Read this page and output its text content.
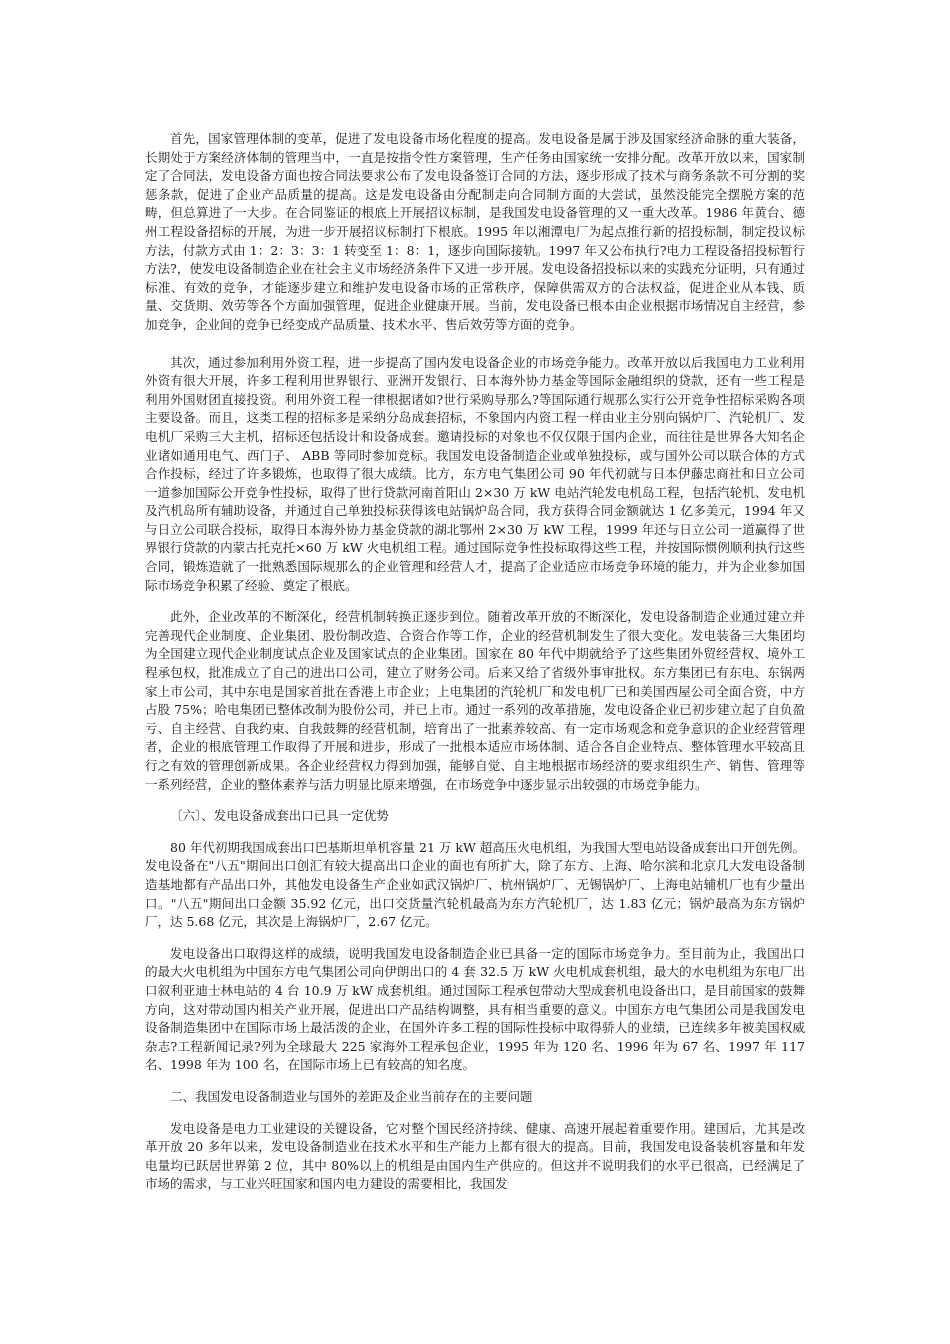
首先，国家管理体制的变革，促进了发电设备市场化程度的提高。发电设备是属于涉及国家经济命脉的重大装备，长期处于方案经济体制的管理当中，一直是按指令性方案管理，生产任务由国家统一安排分配。改革开放以来，国家制定了合同法，发电设备方面也按合同法要求公布了发电设备签订合同的方法，逐步形成了技术与商务条款不可分割的奖惩条款，促进了企业产品质量的提高。这是发电设备由分配制走向合同制方面的大尝试，虽然没能完全摆脱方案的范畴，但总算进了一大步。在合同鉴证的根底上开展招议标制，是我国发电设备管理的又一重大改革。1986 年黄台、德州工程设备招标的开展，为进一步开展招议标制打下根底。1995 年以湘潭电厂为起点推行新的招投标制，制定投议标方法，付款方式由 1：2：3：3：1 转变至 1：8：1，逐步向国际接轨。1997 年又公布执行?电力工程设备招投标暂行方法?，使发电设备制造企业在社会主义市场经济条件下又进一步开展。发电设备招投标以来的实践充分证明，只有通过标准、有效的竞争，才能逐步建立和维护发电设备市场的正常秩序，保障供需双方的合法权益，促进企业从本钱、质量、交货期、效劳等各个方面加强管理，促进企业健康开展。当前，发电设备已根本由企业根据市场情况自主经营，参加竞争，企业间的竞争已经变成产品质量、技术水平、售后效劳等方面的竞争。

其次，通过参加利用外资工程，进一步提高了国内发电设备企业的市场竞争能力。改革开放以后我国电力工业利用外资有很大开展，许多工程利用世界银行、亚洲开发银行、日本海外协力基金等国际金融组织的贷款，还有一些工程是利用外国财团直接投资。利用外资工程一律根据诸如?世行采购导那么?等国际通行规那么实行公开竞争性招标采购各项主要设备。而且，这类工程的招标多是采纳分岛成套招标，不象国内内资工程一样由业主分别向锅炉厂、汽轮机厂、发电机厂采购三大主机，招标还包括设计和设备成套。邀请投标的对象也不仅仅限于国内企业，而往往是世界各大知名企业诸如通用电气、西门子、 ABB 等同时参加竞标。我国发电设备制造企业或单独投标，或与国外公司以联合体的方式合作投标，经过了许多锻炼，也取得了很大成绩。比方，东方电气集团公司 90 年代初就与日本伊藤忠商社和日立公司一道参加国际公开竞争性投标，取得了世行贷款河南首阳山 2×30 万 kW 电站汽轮发电机岛工程，包括汽轮机、发电机及汽机岛所有辅助设备，并通过自己单独投标获得该电站锅炉岛合同，我方获得合同金额就达 1 亿多美元，1994 年又与日立公司联合投标，取得日本海外协力基金贷款的湖北鄂州 2×30 万 kW 工程，1999 年还与日立公司一道赢得了世界银行贷款的内蒙古托克托×60 万 kW 火电机组工程。通过国际竞争性投标取得这些工程，并按国际惯例顺利执行这些合同，锻炼造就了一批熟悉国际规那么的企业管理和经营人才，提高了企业适应市场竞争环境的能力，并为企业参加国际市场竞争积累了经验、奠定了根底。

此外，企业改革的不断深化，经营机制转换正逐步到位。随着改革开放的不断深化，发电设备制造企业通过建立并完善现代企业制度、企业集团、股份制改造、合资合作等工作，企业的经营机制发生了很大变化。发电装备三大集团均为全国建立现代企业制度试点企业及国家试点的企业集团。国家在 80 年代中期就给予了这些集团外贸经营权、境外工程承包权，批准成立了自己的进出口公司，建立了财务公司。后来又给了省级外事审批权。东方集团已有东电、东锅两家上市公司，其中东电是国家首批在香港上市企业；上电集团的汽轮机厂和发电机厂已和美国西屋公司全面合资，中方占股 75%；哈电集团已整体改制为股份公司，并已上市。通过一系列的改革措施，发电设备企业已初步建立起了自负盈亏、自主经营、自我约束、自我鼓舞的经营机制，培育出了一批素养较高、有一定市场观念和竞争意识的企业经营管理者，企业的根底管理工作取得了开展和进步，形成了一批根本适应市场体制、适合各自企业特点、整体管理水平较高且行之有效的管理创新成果。各企业经营权力得到加强，能够自觉、自主地根据市场经济的要求组织生产、销售、管理等一系列经营，企业的整体素养与活力明显比原来增强，在市场竞争中逐步显示出较强的市场竞争能力。

〔六〕、发电设备成套出口已具一定优势

80 年代初期我国成套出口巴基斯坦单机容量 21 万 kW 超高压火电机组，为我国大型电站设备成套出口开创先例。发电设备在"八五"期间出口创汇有较大提高出口企业的面也有所扩大，除了东方、上海、哈尔滨和北京几大发电设备制造基地都有产品出口外，其他发电设备生产企业如武汉锅炉厂、杭州锅炉厂、无锡锅炉厂、上海电站辅机厂也有少量出口。"八五"期间出口金额 35.92 亿元，出口交货量汽轮机最高为东方汽轮机厂，达 1.83 亿元；锅炉最高为东方锅炉厂，达 5.68 亿元，其次是上海锅炉厂，2.67 亿元。

发电设备出口取得这样的成绩，说明我国发电设备制造企业已具备一定的国际市场竞争力。至目前为止，我国出口的最大火电机组为中国东方电气集团公司向伊朗出口的 4 套 32.5 万 kW 火电机成套机组，最大的水电机组为东电厂出口叙利亚迪士林电站的 4 台 10.9 万 kW 成套机组。通过国际工程承包带动大型成套机电设备出口，是目前国家的鼓舞方向，这对带动国内相关产业开展，促进出口产品结构调整，具有相当重要的意义。中国东方电气集团公司是我国发电设备制造集团中在国际市场上最活泼的企业，在国外许多工程的国际性投标中取得骄人的业绩，已连续多年被美国权威杂志?工程新闻记录?列为全球最大 225 家海外工程承包企业，1995 年为 120 名、1996 年为 67 名、1997 年 117 名、1998 年为 100 名，在国际市场上已有较高的知名度。

二、我国发电设备制造业与国外的差距及企业当前存在的主要问题

发电设备是电力工业建设的关键设备，它对整个国民经济持续、健康、高速开展起着重要作用。建国后，尤其是改革开放 20 多年以来，发电设备制造业在技术水平和生产能力上都有很大的提高。目前，我国发电设备装机容量和年发电量均已跃居世界第 2 位，其中 80%以上的机组是由国内生产供应的。但这并不说明我们的水平已很高，已经满足了市场的需求，与工业兴旺国家和国内电力建设的需要相比，我国发
